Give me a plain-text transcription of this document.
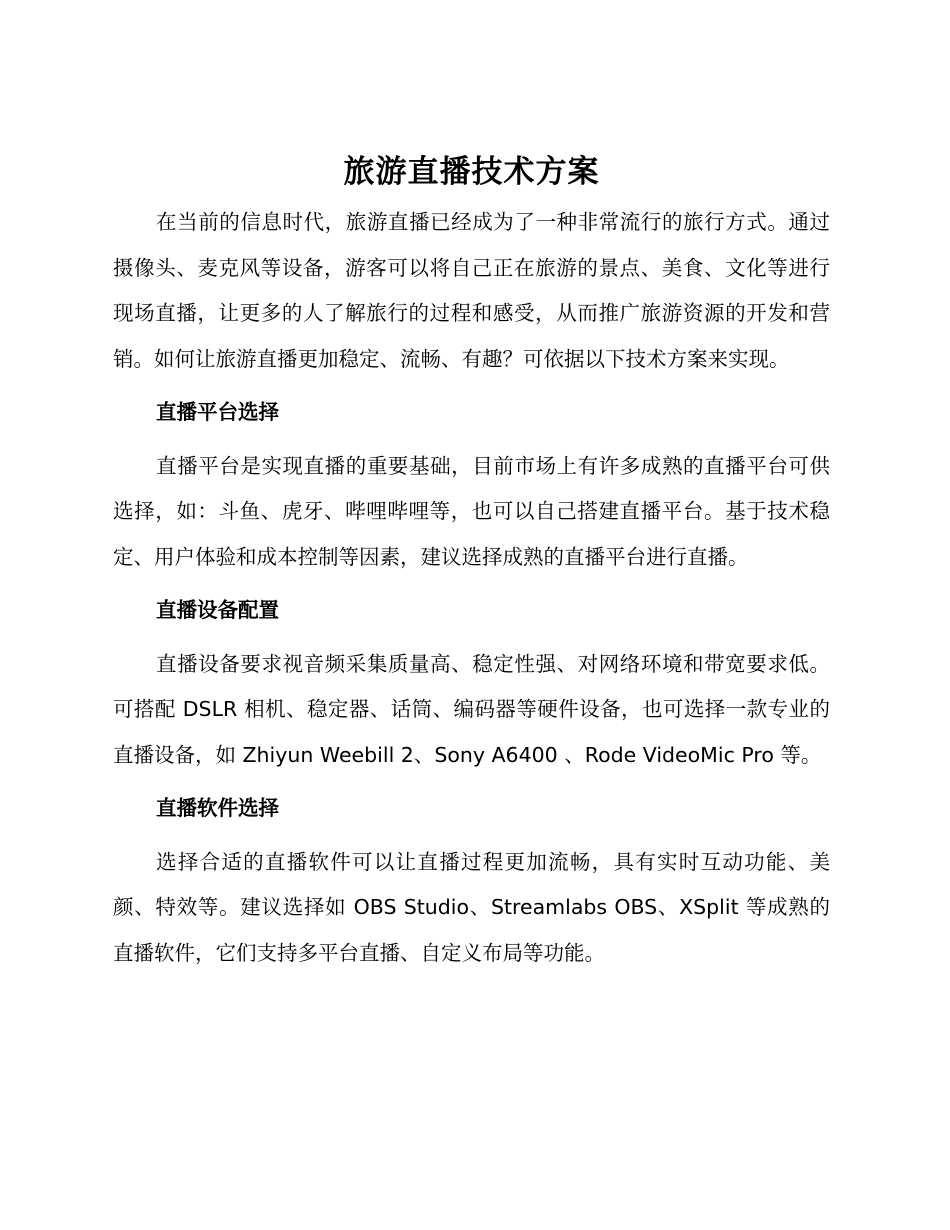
旅游直播技术方案

在当前的信息时代，旅游直播已经成为了一种非常流行的旅行方式。通过摄像头、麦克风等设备，游客可以将自己正在旅游的景点、美食、文化等进行现场直播，让更多的人了解旅行的过程和感受，从而推广旅游资源的开发和营销。如何让旅游直播更加稳定、流畅、有趣？可依据以下技术方案来实现。

直播平台选择

直播平台是实现直播的重要基础，目前市场上有许多成熟的直播平台可供选择，如：斗鱼、虎牙、哔哩哔哩等，也可以自己搭建直播平台。基于技术稳定、用户体验和成本控制等因素，建议选择成熟的直播平台进行直播。

直播设备配置

直播设备要求视音频采集质量高、稳定性强、对网络环境和带宽要求低。可搭配 DSLR 相机、稳定器、话筒、编码器等硬件设备，也可选择一款专业的直播设备，如 Zhiyun Weebill 2、Sony A6400 、Rode VideoMic Pro 等。

直播软件选择

选择合适的直播软件可以让直播过程更加流畅，具有实时互动功能、美颜、特效等。建议选择如 OBS Studio、Streamlabs OBS、XSplit 等成熟的直播软件，它们支持多平台直播、自定义布局等功能。
